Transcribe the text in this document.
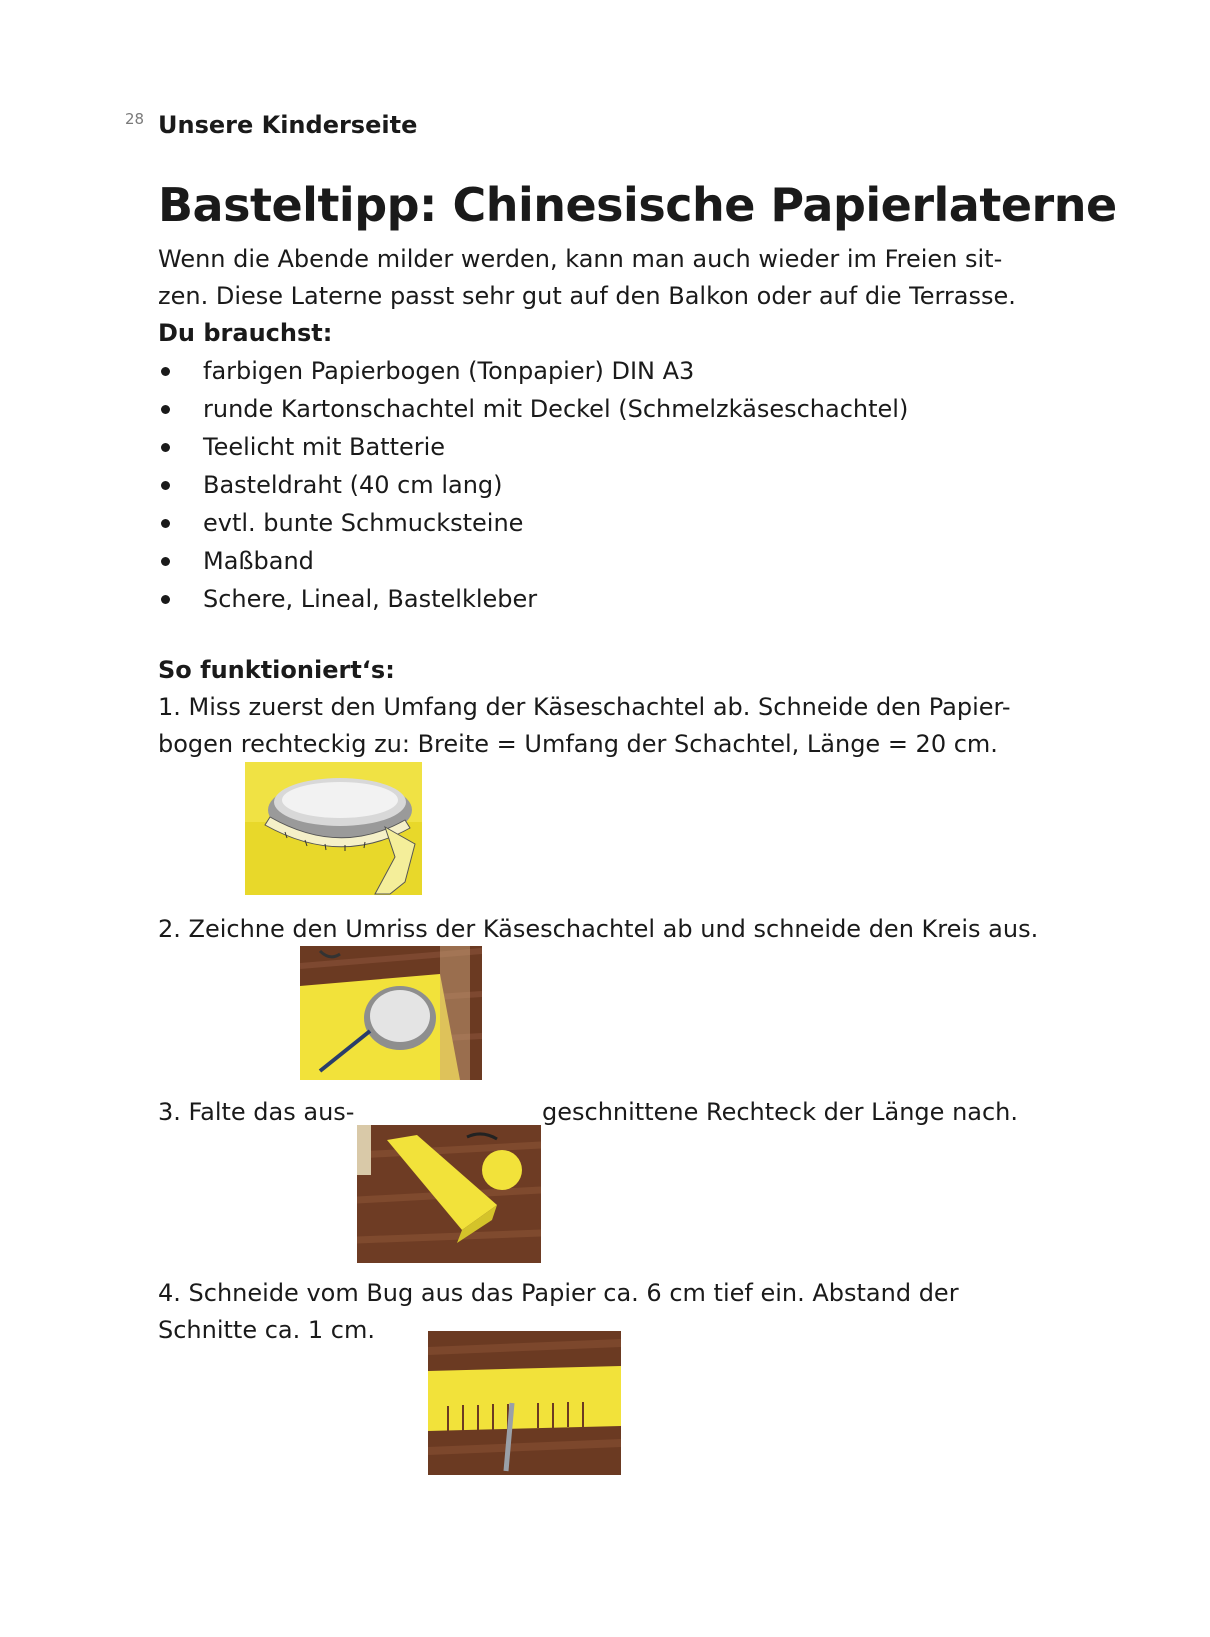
28 Unsere Kinderseite
Basteltipp: Chinesische Papierlaterne
Wenn die Abende milder werden, kann man auch wieder im Freien sit-
zen. Diese Laterne passt sehr gut auf den Balkon oder auf die Terrasse.
Du brauchst:
farbigen Papierbogen (Tonpapier) DIN A3
runde Kartonschachtel mit Deckel (Schmelzkäseschachtel)
Teelicht mit Batterie
Basteldraht (40 cm lang)
evtl. bunte Schmucksteine
Maßband
Schere, Lineal, Bastelkleber
So funktioniert‘s:
1. Miss zuerst den Umfang der Käseschachtel ab. Schneide den Papier-
bogen rechteckig zu: Breite = Umfang der Schachtel, Länge = 20 cm.
2. Zeichne den Umriss der Käseschachtel ab und schneide den Kreis aus.
3. Falte das aus-	geschnittene Rechteck der Länge nach.
4. Schneide vom Bug aus das Papier ca. 6 cm tief ein. Abstand der
Schnitte ca. 1 cm.
